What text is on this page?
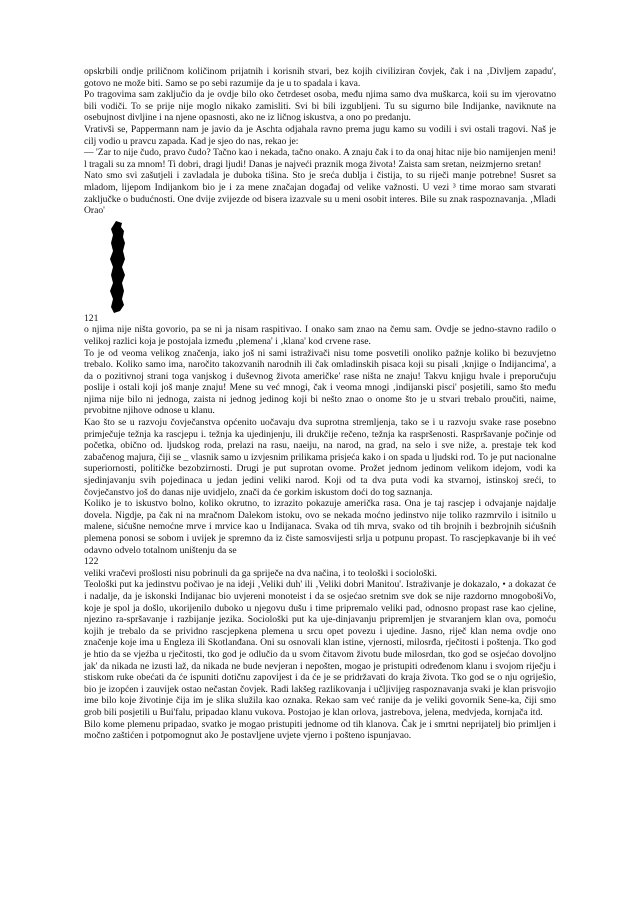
opskrbili ondje priličnom količinom prijatnih i korisnih stvari, bez kojih civiliziran čovjek, čak i na ‚Divljem zapadu', gotovo ne može biti. Samo se po sebi razumije da je u to spadala i kava.

Po tragovima sam zaključio da je ovdje bilo oko četrdeset osoba, među njima samo dva muškarca, koii su im vjerovatno bili vodiči. To se prije nije moglo nikako zamisliti. Svi bi bili izgubljeni. Tu su sigurno bile Indijanke, naviknute na osebujnost divljine i na njene opasnosti, ako ne iz ličnog iskustva, a ono po predanju.

Vrativši se, Pappermann nam je javio da je Aschta odjahala ravno prema jugu kamo su vodili i svi ostali tragovi. Naš je cilj vodio u pravcu zapada. Kad je sjeo do nas, rekao je:

— 'Zar to nije čudo, pravo čudo? Tačno kao i nekada, tačno onako. A znaju čak i to da onaj hitac nije bio namijenjen meni! l tragali su za mnom! Ti dobri, dragi ljudi! Danas je najveći praznik moga života! Zaista sam sretan, neizmjerno sretan!

Nato smo svi zašutjeli i zavladala je duboka tišina. Sto je sreća dublja i čistija, to su riječi manje potrebne! Susret sa mladom, lijepom Indijankom bio je i za mene značajan događaj od velike važnosti. U vezi ³ time morao sam stvarati zaključke o budućnosti. One dvije zvijezde od bisera izazvale su u meni osobit interes. Bile su znak raspoznavanja. ‚Mladi Orao'

121

o njima nije ništa govorio, pa se ni ja nisam raspitivao. I onako sam znao na čemu sam. Ovdje se jedno-stavno radilo o velikoj razlici koja je postojala između ‚plemena' i ‚klana' kod crvene rase.

To je od veoma velikog značenja, iako još ni sami istraživači nisu tome posvetili onoliko pažnje koliko bi bezuvjetno trebalo. Koliko samo ima, naročito takozvanih narodnih ili čak omladinskih pisaca koji su pisali ‚knjige o Indijancima', a da o pozitivnoj strani toga vanjskog i duševnog života američke' rase ništa ne znaju! Takvu knjigu hvale i preporučuju poslije i ostali koji još manje znaju! Mene su već mnogi, čak i veoma mnogi ‚indijanski pisci' posjetili, samo što među njima nije bilo ni jednoga, zaista ni jednog jedinog koji bi nešto znao o onome što je u stvari trebalo proučiti, naime, prvobitne njihove odnose u klanu.

Kao što se u razvoju čovječanstva općenito uočavaju dva suprotna stremljenja, tako se i u razvoju svake rase posebno primječuje težnja ka rascjepu i. težnja ka ujedinjenju, ili drukčije rečeno, težnja ka raspršenosti. Raspršavanje počinje od početka, obično od. ljudskog roda, prelazi na rasu, naeiju, na narod, na grad, na selo i sve niže, a. prestaje tek kod zabačenog majura, čiji se _ vlasnik samo u izvjesnim prilikama prisjeća kako i on spada u ljudski rod. To je put nacionalne superiornosti, političke bezobzirnosti. Drugi je put suprotan ovome. Prožet jednom jedinom velikom idejom, vodi ka sjedinjavanju svih pojedinaca u jedan jedini veliki narod. Koji od ta dva puta vodi ka stvarnoj, istinskoj sreći, to čovječanstvo još do danas nije uvidjelo, znači da će gorkim iskustom doći do tog saznanja.

Koliko je to iskustvo bolno, koliko okrutno, to izrazito pokazuje američka rasa. Ona je taj rascjep i odvajanje najdalje dovela. Nigdje, pa čak ni na mračnom Dalekom istoku, ovo se nekada moćno jedinstvo nije toliko razmrvilo i isitnilo u malene, sićušne nemoćne mrve i mrvice kao u Indijanaca. Svaka od tih mrva, svako od tih brojnih i bezbrojnih sićušnih plemena ponosi se sobom i uvijek je spremno da iz čiste samosvijesti srlja u potpunu propast. To rascjepkavanje bi ih već odavno odvelo totalnom uništenju da se

122

veliki vračevi prošlosti nisu pobrinuli da ga spriječe na dva načina, i to teološki i sociološki.

Teološki put ka jedinstvu počivao je na ideji ‚Veliki duh' ili ‚Veliki dobri Manitou'. Istraživanje je dokazalo, • a dokazat će i nadalje, da je iskonski Indijanac bio uvjereni monoteist i da se osjećao sretnim sve dok se nije razdorno mnogobošiVo, koje je spol ja došlo, ukorijenilo duboko u njegovu dušu i time pripremalo veliki pad, odnosno propast rase kao cjeline, njezino ra-spršavanje i razbijanje jezika. Sociološki put ka uje-dinjavanju pripremljen je stvaranjem klan ova, pomoću kojih je trebalo da se prividno rascjepkena plemena u srcu opet povezu i ujedine. Jasno, riječ klan nema ovdje ono značenje koje ima u Engleza ili Skotlanđana. Oni su osnovali klan istine, vjernosti, milosrđa, rječitosti i poštenja. Tko god je htio da se vjeźba u rječitosti, tko god je odlučio da u svom čitavom životu bude milosrdan, tko god se osjećao dovoljno jak' da nikada ne izusti laž, da nikada ne bude nevjeran i nepošten, mogao je pristupiti određenom klanu i svojom riječju i stiskom ruke obećati da će ispuniti dotičnu zapovijest i da će je se pridržavati do kraja života. Tko god se o nju ogriješio, bio je izopćen i zauvijek ostao nečastan čovjek. Radi lakšeg razlikovanja i učljivijeg raspoznavanja svaki je klan prisvojio ime bilo koje životinje čija im je slika služila kao oznaka. Rekao sam već ranije da je veliki govornik Sene-ka, čiji smo grob bili posjetili u Bui'falu, pripadao klanu vukova. Postojao je klan orlova, jastrebova, jelena, medvjeda, kornjača itd.

Bilo kome plemenu pripadao, svatko je mogao pristupiti jednome od tih klanova. Čak je i smrtni neprijatelj bio primljen i močno zaštićen i potpomognut ako Je postavljene uvjete vjerno i pošteno ispunjavao.
